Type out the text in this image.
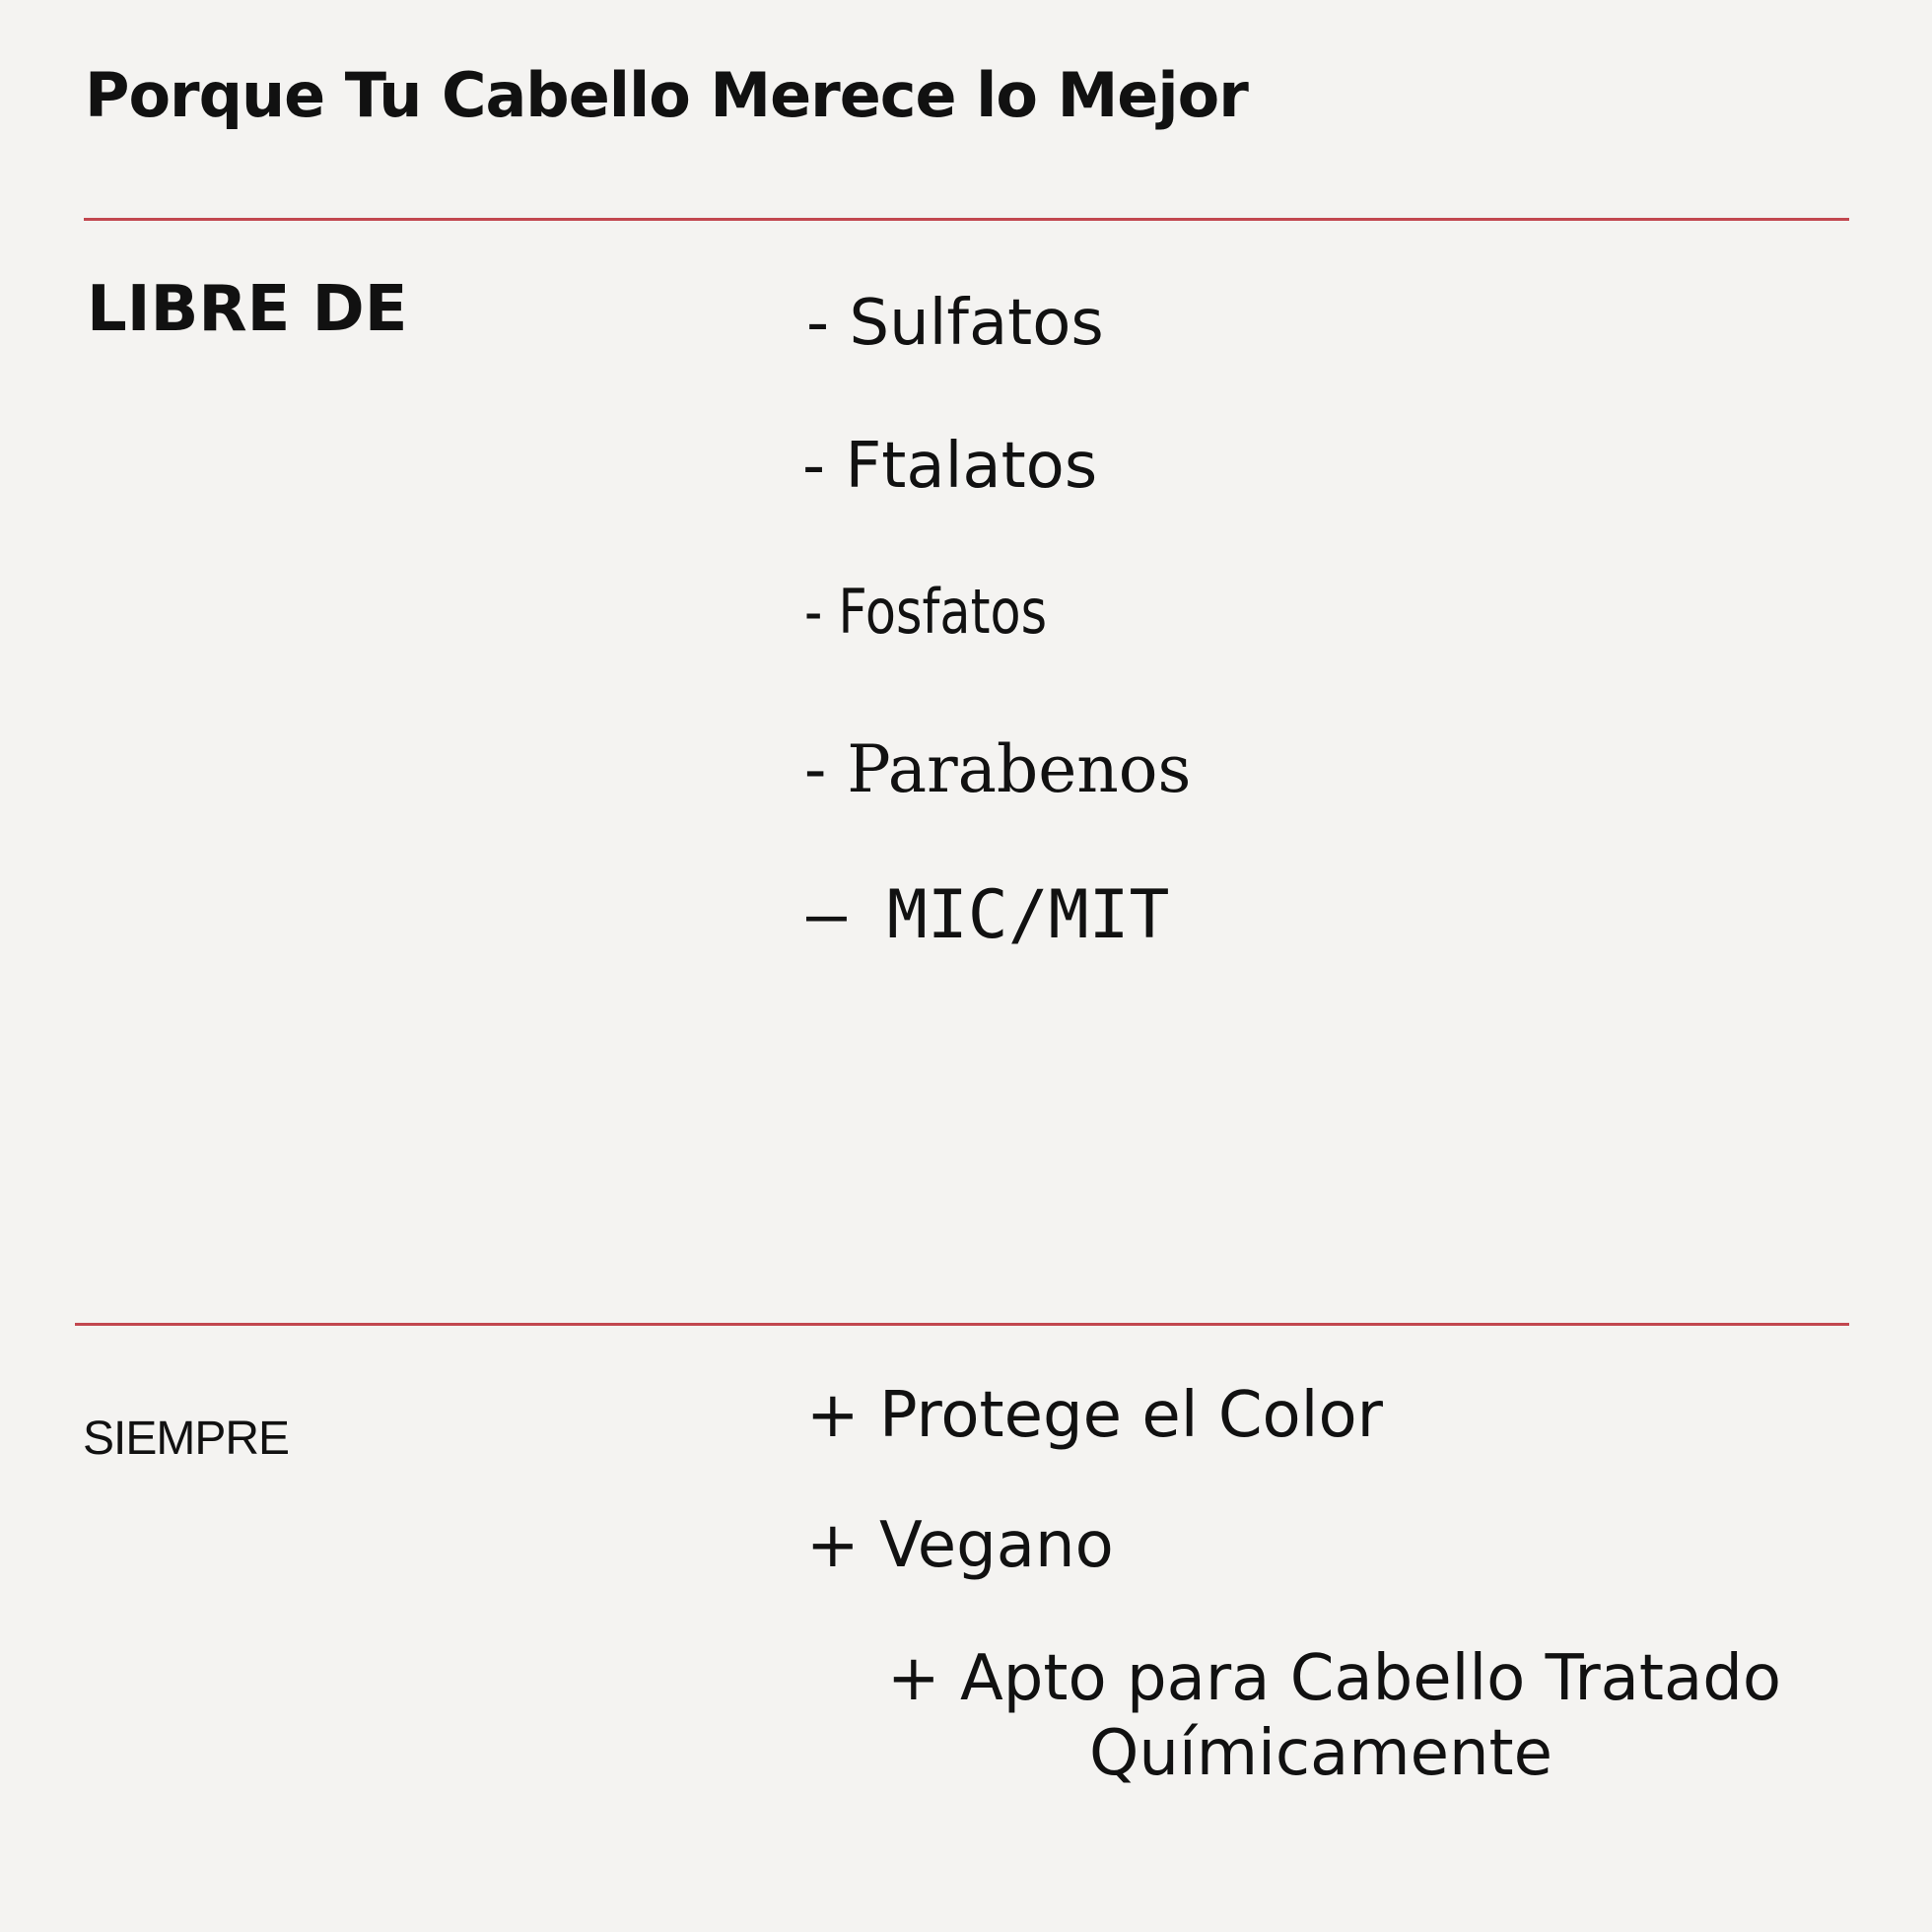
Porque Tu Cabello Merece lo Mejor
LIBRE DE	- Sulfatos
- Ftalatos
- Fosfatos
- Parabenos
— MIC/MIT
SIEMPRE	+ Protege el Color
+ Vegano
+ Apto para Cabello Tratado
Químicamente
